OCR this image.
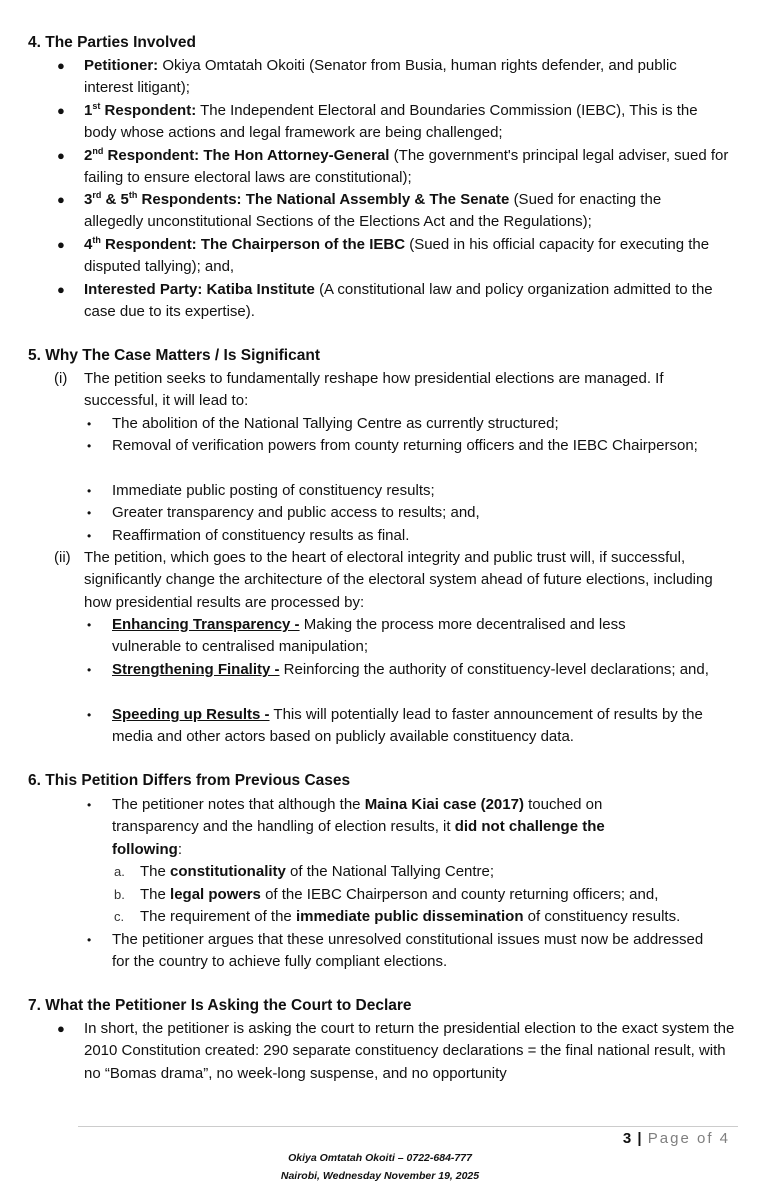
4. The Parties Involved
● Petitioner: Okiya Omtatah Okoiti (Senator from Busia, human rights defender, and public interest litigant);
● 1st Respondent: The Independent Electoral and Boundaries Commission (IEBC), This is the body whose actions and legal framework are being challenged;
● 2nd Respondent: The Hon Attorney-General (The government's principal legal adviser, sued for failing to ensure electoral laws are constitutional);
● 3rd & 5th Respondents: The National Assembly & The Senate (Sued for enacting the allegedly unconstitutional Sections of the Elections Act and the Regulations);
● 4th Respondent: The Chairperson of the IEBC (Sued in his official capacity for executing the disputed tallying); and,
● Interested Party: Katiba Institute (A constitutional law and policy organization admitted to the case due to its expertise).
5. Why The Case Matters / Is Significant
(i) The petition seeks to fundamentally reshape how presidential elections are managed. If successful, it will lead to:
• The abolition of the National Tallying Centre as currently structured;
• Removal of verification powers from county returning officers and the IEBC Chairperson;
• Immediate public posting of constituency results;
• Greater transparency and public access to results; and,
• Reaffirmation of constituency results as final.
(ii) The petition, which goes to the heart of electoral integrity and public trust will, if successful, significantly change the architecture of the electoral system ahead of future elections, including how presidential results are processed by:
• Enhancing Transparency - Making the process more decentralised and less vulnerable to centralised manipulation;
• Strengthening Finality - Reinforcing the authority of constituency-level declarations; and,
• Speeding up Results - This will potentially lead to faster announcement of results by the media and other actors based on publicly available constituency data.
6. This Petition Differs from Previous Cases
• The petitioner notes that although the Maina Kiai case (2017) touched on transparency and the handling of election results, it did not challenge the following:
a. The constitutionality of the National Tallying Centre;
b. The legal powers of the IEBC Chairperson and county returning officers; and,
c. The requirement of the immediate public dissemination of constituency results.
• The petitioner argues that these unresolved constitutional issues must now be addressed for the country to achieve fully compliant elections.
7. What the Petitioner Is Asking the Court to Declare
● In short, the petitioner is asking the court to return the presidential election to the exact system the 2010 Constitution created: 290 separate constituency declarations = the final national result, with no “Bomas drama”, no week-long suspense, and no opportunity
3 | Page of 4
Okiya Omtatah Okoiti – 0722-684-777
Nairobi, Wednesday November 19, 2025
